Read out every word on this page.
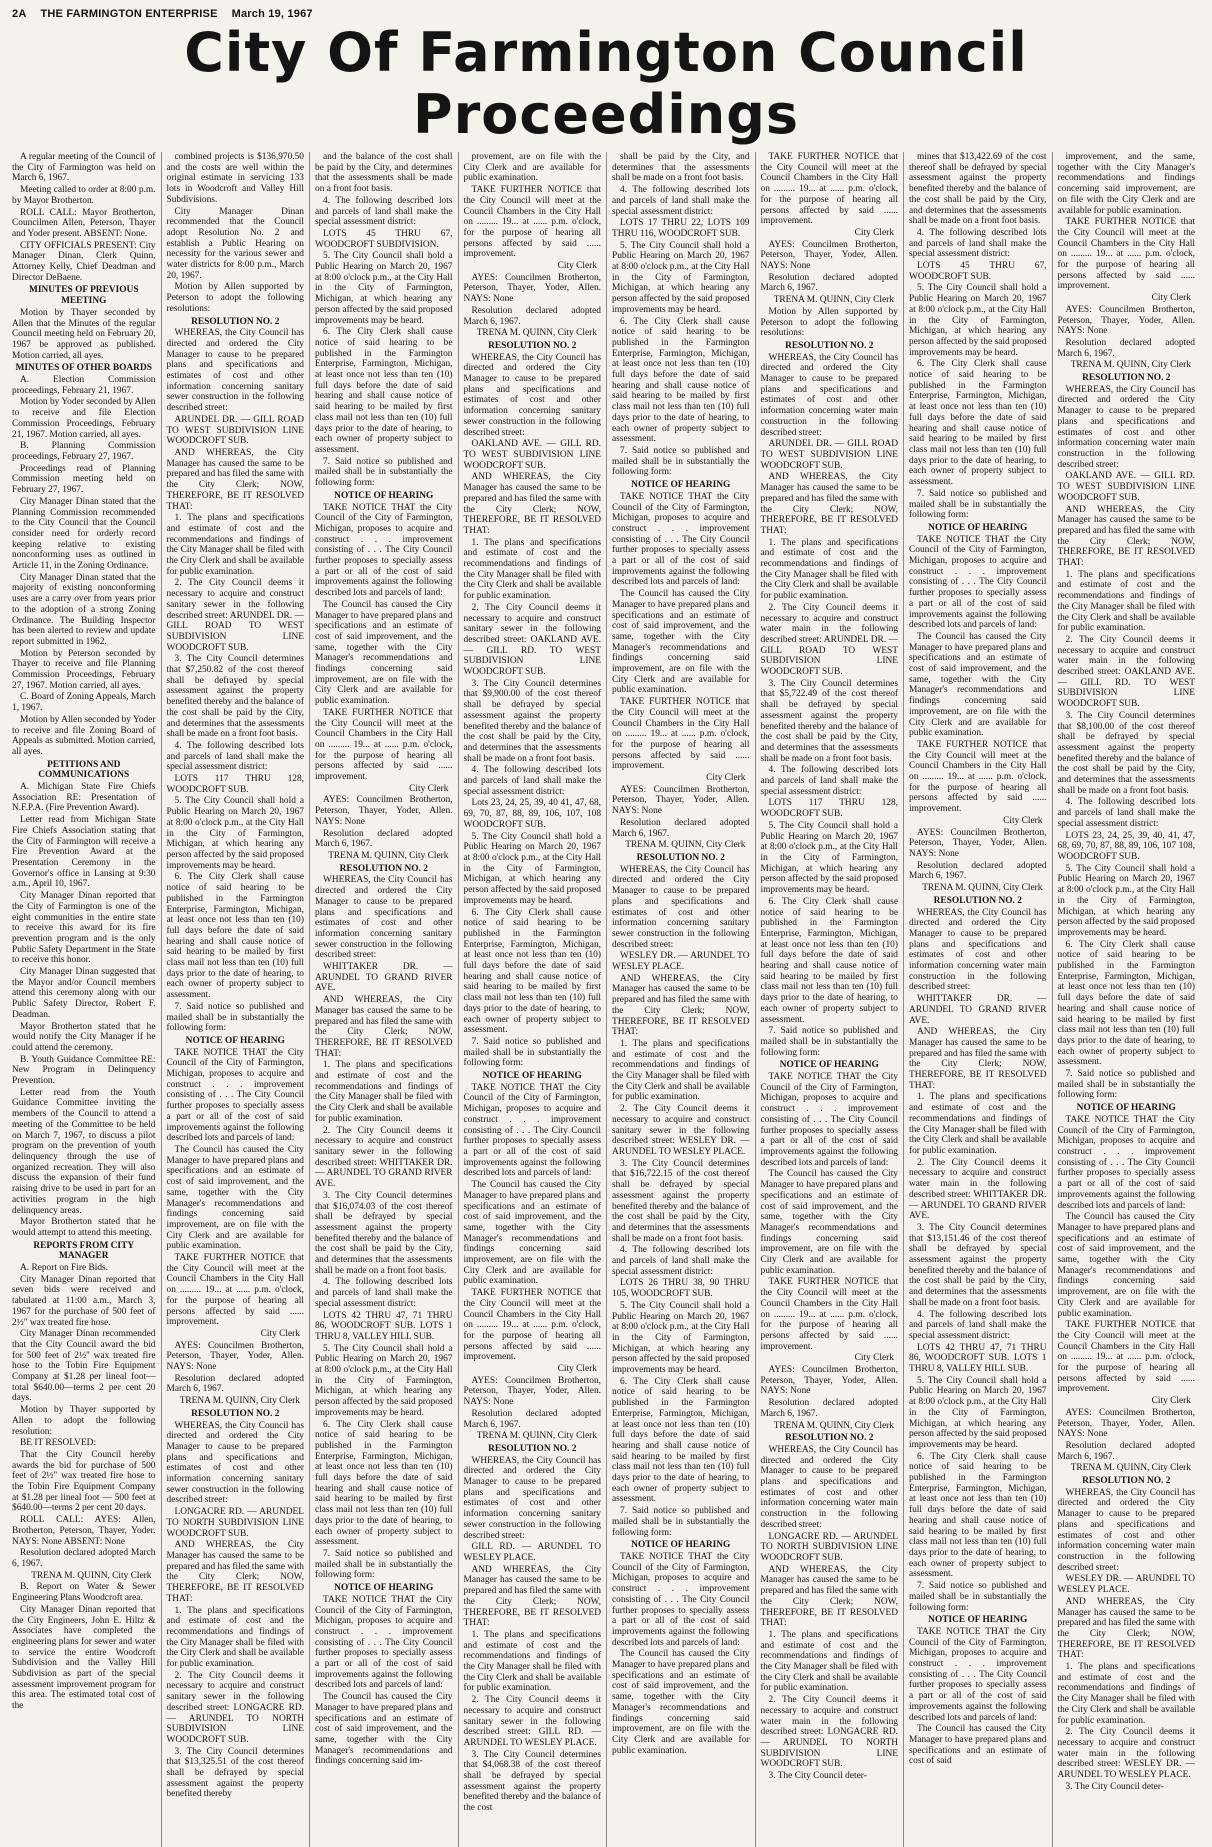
2A THE FARMINGTON ENTERPRISE March 19, 1967
City Of Farmington Council Proceedings

A regular meeting of the Council of the City of Farmington was held on March 6, 1967.

Meeting called to order at 8:00 p.m. by Mayor Brotherton.

ROLL CALL: Mayor Brotherton, Councilmen Allen, Peterson, Thayer and Yoder present. ABSENT: None.

CITY OFFICIALS PRESENT: City Manager Dinan, Clerk Quinn, Attorney Kelly, Chief Deadman and Director DeBaene.

MINUTES OF PREVIOUS MEETING

Motion by Thayer seconded by Allen that the Minutes of the regular Council meeting held on February 20, 1967 be approved as published. Motion carried, all ayes.

MINUTES OF OTHER BOARDS

A. Election Commission proceedings, February 21, 1967.

Motion by Yoder seconded by Allen to receive and file Election Commission Proceedings, February 21, 1967. Motion carried, all ayes.

B. Planning Commission proceedings, February 27, 1967.

Proceedings read of Planning Commission meeting held on February 27, 1967.

City Manager Dinan stated that the Planning Commission recommended to the City Council that the Council consider need for orderly record keeping relative to existing nonconforming uses as outlined in Article 11, in the Zoning Ordinance.

City Manager Dinan stated that the majority of existing nonconforming uses are a carry over from years prior to the adoption of a strong Zoning Ordinance. The Building Inspector has been alerted to review and update report submitted in 1962.

Motion by Peterson seconded by Thayer to receive and file Planning Commission Proceedings, February 27, 1967. Motion carried, all ayes.

C. Board of Zoning Appeals, March 1, 1967.

Motion by Allen seconded by Yoder to receive and file Zoning Board of Appeals as submitted. Motion carried, all ayes.

PETITIONS AND COMMUNICATIONS

A. Michigan State Fire Chiefs Association RE: Presentation of N.F.P.A. (Fire Prevention Award).

Letter read from Michigan State Fire Chiefs Association stating that the City of Farmington will receive a Fire Prevention Award at the Presentation Ceremony in the Governor's office in Lansing at 9:30 a.m., April 10, 1967.

City Manager Dinan reported that the City of Farmington is one of the eight communities in the entire state to receive this award for its fire prevention program and is the only Public Safety Department in the State to receive this honor.

City Manager Dinan suggested that the Mayor and/or Council members attend this ceremony along with our Public Safety Director, Robert F. Deadman.

Mayor Brotherton stated that he would notify the City Manager if he could attend the ceremony.

B. Youth Guidance Committee RE: New Program in Delinquency Prevention.

Letter read from the Youth Guidance Committee inviting the members of the Council to attend a meeting of the Committee to be held on March 7, 1967, to discuss a pilot program on the prevention of youth delinquency through the use of organized recreation. They will also discuss the expansion of their fund raising drive to be used in part for an activities program in the high delinquency areas.

Mayor Brotherton stated that he would attempt to attend this meeting.

REPORTS FROM CITY MANAGER

A. Report on Fire Bids.

City Manager Dinan reported that seven bids were received and tabulated at 11:00 a.m., March 3, 1967 for the purchase of 500 feet of 2½" wax treated fire hose.

City Manager Dinan recommended that the City Council award the bid for 500 feet of 2½" wax treated fire hose to the Tobin Fire Equipment Company at $1.28 per lineal foot—total $640.00—terms 2 per cent 20 days.

Motion by Thayer supported by Allen to adopt the following resolution:

BE IT RESOLVED:

That the City Council hereby awards the bid for purchase of 500 feet of 2½" wax treated fire hose to the Tobin Fire Equipment Company at $1.28 per lineal foot — 500 feet at $640.00—terms 2 per cent 20 days.

ROLL CALL: AYES: Allen, Brotherton, Peterson, Thayer, Yoder. NAYS: None ABSENT: None

Resolution declared adopted March 6, 1967.

TRENA M. QUINN, City Clerk

B. Report on Water & Sewer Engineering Plans Woodcroft area.

City Manager Dinan reported that the City Engineers, John E. Hiltz & Associates have completed the engineering plans for sewer and water to service the entire Woodcroft Subdivision and the Valley Hill Subdivision as part of the special assessment improvement program for this area. The estimated total cost of the

combined projects is $136,970.50 and the costs are well within the original estimate in servicing 133 lots in Woodcroft and Valley Hill Subdivisions.

City Manager Dinan recommended that the Council adopt Resolution No. 2 and establish a Public Hearing on necessity for the various sewer and water districts for 8:00 p.m., March 20, 1967.

Motion by Allen supported by Peterson to adopt the following resolutions:

RESOLUTION NO. 2

WHEREAS, the City Council has directed and ordered the City Manager to cause to be prepared plans and specifications and estimates of cost and other information concerning sanitary sewer construction in the following described street:

ARUNDEL DR. — GILL ROAD TO WEST SUBDIVISION LINE WOODCROFT SUB.

AND WHEREAS, the City Manager has caused the same to be prepared and has filed the same with the City Clerk; NOW, THEREFORE, BE IT RESOLVED THAT:

1. The plans and specifications and estimate of cost and the recommendations and findings of the City Manager shall be filed with the City Clerk and shall be available for public examination.

2. The City Council deems it necessary to acquire and construct sanitary sewer in the following described street: ARUNDEL DR. — GILL ROAD TO WEST SUBDIVISION LINE WOODCROFT SUB.

3. The City Council determines that $7,250.82 of the cost thereof shall be defrayed by special assessment against the property benefited thereby and the balance of the cost shall be paid by the City, and determines that the assessments shall be made on a front foot basis.

4. The following described lots and parcels of land shall make the special assessment district:

LOTS 117 THRU 128, WOODCROFT SUB.

5. The City Council shall hold a Public Hearing on March 20, 1967 at 8:00 o'clock p.m., at the City Hall in the City of Farmington, Michigan, at which hearing any person affected by the said proposed improvements may be heard.

6. The City Clerk shall cause notice of said hearing to be published in the Farmington Enterprise, Farmington, Michigan, at least once not less than ten (10) full days before the date of said hearing and shall cause notice of said hearing to be mailed by first class mail not less than ten (10) full days prior to the date of hearing, to each owner of property subject to assessment.

7. Said notice so published and mailed shall be in substantially the following form:

NOTICE OF HEARING

TAKE NOTICE THAT the City Council of the City of Farmington, Michigan, proposes to acquire and construct . . . improvement consisting of . . . The City Council further proposes to specially assess a part or all of the cost of said improvements against the following described lots and parcels of land:

The Council has caused the City Manager to have prepared plans and specifications and an estimate of cost of said improvement, and the same, together with the City Manager's recommendations and findings concerning said improvement, are on file with the City Clerk and are available for public examination.

TAKE FURTHER NOTICE that the City Council will meet at the Council Chambers in the City Hall on ......... 19... at ...... p.m. o'clock, for the purpose of hearing all persons affected by said ...... improvement.

City Clerk

AYES: Councilmen Brotherton, Peterson, Thayer, Yoder, Allen. NAYS: None

Resolution declared adopted March 6, 1967.

TRENA M. QUINN, City Clerk

RESOLUTION NO. 2

WHEREAS, the City Council has directed and ordered the City Manager to cause to be prepared plans and specifications and estimates of cost and other information concerning sanitary sewer construction in the following described street:

LONGACRE RD. — ARUNDEL TO NORTH SUBDIVISION LINE WOODCROFT SUB.

AND WHEREAS, the City Manager has caused the same to be prepared and has filed the same with the City Clerk; NOW, THEREFORE, BE IT RESOLVED THAT:

1. The plans and specifications and estimate of cost and the recommendations and findings of the City Manager shall be filed with the City Clerk and shall be available for public examination.

2. The City Council deems it necessary to acquire and construct sanitary sewer in the following described street: LONGACRE RD. — ARUNDEL TO NORTH SUBDIVISION LINE WOODCROFT SUB.

3. The City Council determines that $13,325.51 of the cost thereof shall be defrayed by special assessment against the property benefited thereby

and the balance of the cost shall be paid by the City, and determines that the assessments shall be made on a front foot basis.

4. The following described lots and parcels of land shall make the special assessment district:

LOTS 45 THRU 67, WOODCROFT SUBDIVISION.

5. The City Council shall hold a Public Hearing on March 20, 1967 at 8:00 o'clock p.m., at the City Hall in the City of Farmington, Michigan, at which hearing any person affected by the said proposed improvements may be heard.

6. The City Clerk shall cause notice of said hearing to be published in the Farmington Enterprise, Farmington, Michigan, at least once not less than ten (10) full days before the date of said hearing and shall cause notice of said hearing to be mailed by first class mail not less than ten (10) full days prior to the date of hearing, to each owner of property subject to assessment.

7. Said notice so published and mailed shall be in substantially the following form:

NOTICE OF HEARING

TAKE NOTICE THAT the City Council of the City of Farmington, Michigan, proposes to acquire and construct . . . improvement consisting of . . . The City Council further proposes to specially assess a part or all of the cost of said improvements against the following described lots and parcels of land:

The Council has caused the City Manager to have prepared plans and specifications and an estimate of cost of said improvement, and the same, together with the City Manager's recommendations and findings concerning said improvement, are on file with the City Clerk and are available for public examination.

TAKE FURTHER NOTICE that the City Council will meet at the Council Chambers in the City Hall on ......... 19... at ...... p.m. o'clock, for the purpose of hearing all persons affected by said ...... improvement.

City Clerk

AYES: Councilmen Brotherton, Peterson, Thayer, Yoder, Allen. NAYS: None

Resolution declared adopted March 6, 1967.

TRENA M. QUINN, City Clerk

RESOLUTION NO. 2

WHEREAS, the City Council has directed and ordered the City Manager to cause to be prepared plans and specifications and estimates of cost and other information concerning sanitary sewer construction in the following described street:

WHITTAKER DR. — ARUNDEL TO GRAND RIVER AVE.

AND WHEREAS, the City Manager has caused the same to be prepared and has filed the same with the City Clerk; NOW, THEREFORE, BE IT RESOLVED THAT:

1. The plans and specifications and estimate of cost and the recommendations and findings of the City Manager shall be filed with the City Clerk and shall be available for public examination.

2. The City Council deems it necessary to acquire and construct sanitary sewer in the following described street: WHITTAKER DR. — ARUNDEL TO GRAND RIVER AVE.

3. The City Council determines that $16,074.03 of the cost thereof shall be defrayed by special assessment against the property benefited thereby and the balance of the cost shall be paid by the City, and determines that the assessments shall be made on a front foot basis.

4. The following described lots and parcels of land shall make the special assessment district:

LOTS 42 THRU 47, 71 THRU 86, WOODCROFT SUB. LOTS 1 THRU 8, VALLEY HILL SUB.

5. The City Council shall hold a Public Hearing on March 20, 1967 at 8:00 o'clock p.m., at the City Hall in the City of Farmington, Michigan, at which hearing any person affected by the said proposed improvements may be heard.

6. The City Clerk shall cause notice of said hearing to be published in the Farmington Enterprise, Farmington, Michigan, at least once not less than ten (10) full days before the date of said hearing and shall cause notice of said hearing to be mailed by first class mail not less than ten (10) full days prior to the date of hearing, to each owner of property subject to assessment.

7. Said notice so published and mailed shall be in substantially the following form:

NOTICE OF HEARING

TAKE NOTICE THAT the City Council of the City of Farmington, Michigan, proposes to acquire and construct . . . improvement consisting of . . . The City Council further proposes to specially assess a part or all of the cost of said improvements against the following described lots and parcels of land:

The Council has caused the City Manager to have prepared plans and specifications and an estimate of cost of said improvement, and the same, together with the City Manager's recommendations and findings concerning said im-

provement, are on file with the City Clerk and are available for public examination.

TAKE FURTHER NOTICE that the City Council will meet at the Council Chambers in the City Hall on ......... 19... at ...... p.m. o'clock, for the purpose of hearing all persons affected by said ...... improvement.

City Clerk

AYES: Councilmen Brotherton, Peterson, Thayer, Yoder, Allen. NAYS: None

Resolution declared adopted March 6, 1967.

TRENA M. QUINN, City Clerk

RESOLUTION NO. 2

WHEREAS, the City Council has directed and ordered the City Manager to cause to be prepared plans and specifications and estimates of cost and other information concerning sanitary sewer construction in the following described street:

OAKLAND AVE. — GILL RD. TO WEST SUBDIVISION LINE WOODCROFT SUB.

AND WHEREAS, the City Manager has caused the same to be prepared and has filed the same with the City Clerk; NOW, THEREFORE, BE IT RESOLVED THAT:

1. The plans and specifications and estimate of cost and the recommendations and findings of the City Manager shall be filed with the City Clerk and shall be available for public examination.

2. The City Council deems it necessary to acquire and construct sanitary sewer in the following described street: OAKLAND AVE. — GILL RD. TO WEST SUBDIVISION LINE WOODCROFT SUB.

3. The City Council determines that $9,900.00 of the cost thereof shall be defrayed by special assessment against the property benefited thereby and the balance of the cost shall be paid by the City, and determines that the assessments shall be made on a front foot basis.

4. The following described lots and parcels of land shall make the special assessment district:

Lots 23, 24, 25, 39, 40 41, 47, 68, 69, 70, 87, 88, 89, 106, 107, 108 WOODCROFT SUB.

5. The City Council shall hold a Public Hearing on March 20, 1967 at 8:00 o'clock p.m., at the City Hall in the City of Farmington, Michigan, at which hearing any person affected by the said proposed improvements may be heard.

6. The City Clerk shall cause notice of said hearing to be published in the Farmington Enterprise, Farmington, Michigan, at least once not less than ten (10) full days before the date of said hearing and shall cause notice of said hearing to be mailed by first class mail not less than ten (10) full days prior to the date of hearing, to each owner of property subject to assessment.

7. Said notice so published and mailed shall be in substantially the following form:

NOTICE OF HEARING

TAKE NOTICE THAT the City Council of the City of Farmington, Michigan, proposes to acquire and construct . . . improvement consisting of . . . The City Council further proposes to specially assess a part or all of the cost of said improvements against the following described lots and parcels of land:

The Council has caused the City Manager to have prepared plans and specifications and an estimate of cost of said improvement, and the same, together with the City Manager's recommendations and findings concerning said improvement, are on file with the City Clerk and are available for public examination.

TAKE FURTHER NOTICE that the City Council will meet at the Council Chambers in the City Hall on ......... 19... at ...... p.m. o'clock, for the purpose of hearing all persons affected by said ...... improvement.

City Clerk

AYES: Councilmen Brotherton, Peterson, Thayer, Yoder, Allen. NAYS: None

Resolution declared adopted March 6, 1967.

TRENA M. QUINN, City Clerk

RESOLUTION NO. 2

WHEREAS, the City Council has directed and ordered the City Manager to cause to be prepared plans and specifications and estimates of cost and other information concerning sanitary sewer construction in the following described street:

GILL RD. — ARUNDEL TO WESLEY PLACE.

AND WHEREAS, the City Manager has caused the same to be prepared and has filed the same with the City Clerk; NOW, THEREFORE, BE IT RESOLVED THAT:

1. The plans and specifications and estimate of cost and the recommendations and findings of the City Manager shall be filed with the City Clerk and shall be available for public examination.

2. The City Council deems it necessary to acquire and construct sanitary sewer in the following described street: GILL RD. — ARUNDEL TO WESLEY PLACE.

3. The City Council determines that $4,068.38 of the cost thereof shall be defrayed by special assessment against the property benefited thereby and the balance of the cost

shall be paid by the City, and determines that the assessments shall be made on a front foot basis.

4. The following described lots and parcels of land shall make the special assessment district:

LOTS 17 THRU 22, LOTS 109 THRU 116, WOODCROFT SUB.

5. The City Council shall hold a Public Hearing on March 20, 1967 at 8:00 o'clock p.m., at the City Hall in the City of Farmington, Michigan, at which hearing any person affected by the said proposed improvements may be heard.

6. The City Clerk shall cause notice of said hearing to be published in the Farmington Enterprise, Farmington, Michigan, at least once not less than ten (10) full days before the date of said hearing and shall cause notice of said hearing to be mailed by first class mail not less than ten (10) full days prior to the date of hearing, to each owner of property subject to assessment.

7. Said notice so published and mailed shall be in substantially the following form:

NOTICE OF HEARING

TAKE NOTICE THAT the City Council of the City of Farmington, Michigan, proposes to acquire and construct . . . improvement consisting of . . . The City Council further proposes to specially assess a part or all of the cost of said improvements against the following described lots and parcels of land:

The Council has caused the City Manager to have prepared plans and specifications and an estimate of cost of said improvement, and the same, together with the City Manager's recommendations and findings concerning said improvement, are on file with the City Clerk and are available for public examination.

TAKE FURTHER NOTICE that the City Council will meet at the Council Chambers in the City Hall on ......... 19... at ...... p.m. o'clock, for the purpose of hearing all persons affected by said ...... improvement.

City Clerk

AYES: Councilmen Brotherton, Peterson, Thayer, Yoder, Allen. NAYS: None

Resolution declared adopted March 6, 1967.

TRENA M. QUINN, City Clerk

RESOLUTION NO. 2

WHEREAS, the City Council has directed and ordered the City Manager to cause to be prepared plans and specifications and estimates of cost and other information concerning sanitary sewer construction in the following described street:

WESLEY DR. — ARUNDEL TO WESLEY PLACE.

AND WHEREAS, the City Manager has caused the same to be prepared and has filed the same with the City Clerk; NOW, THEREFORE, BE IT RESOLVED THAT:

1. The plans and specifications and estimate of cost and the recommendations and findings of the City Manager shall be filed with the City Clerk and shall be available for public examination.

2. The City Council deems it necessary to acquire and construct sanitary sewer in the following described street: WESLEY DR. — ARUNDEL TO WESLEY PLACE.

3. The City Council determines that $16,722.15 of the cost thereof shall be defrayed by special assessment against the property benefited thereby and the balance of the cost shall be paid by the City, and determines that the assessments shall be made on a front foot basis.

4. The following described lots and parcels of land shall make the special assessment district:

LOTS 26 THRU 38, 90 THRU 105, WOODCROFT SUB.

5. The City Council shall hold a Public Hearing on March 20, 1967 at 8:00 o'clock p.m., at the City Hall in the City of Farmington, Michigan, at which hearing any person affected by the said proposed improvements may be heard.

6. The City Clerk shall cause notice of said hearing to be published in the Farmington Enterprise, Farmington, Michigan, at least once not less than ten (10) full days before the date of said hearing and shall cause notice of said hearing to be mailed by first class mail not less than ten (10) full days prior to the date of hearing, to each owner of property subject to assessment.

7. Said notice so published and mailed shall be in substantially the following form:

NOTICE OF HEARING

TAKE NOTICE THAT the City Council of the City of Farmington, Michigan, proposes to acquire and construct . . . improvement consisting of . . . The City Council further proposes to specially assess a part or all of the cost of said improvements against the following described lots and parcels of land:

The Council has caused the City Manager to have prepared plans and specifications and an estimate of cost of said improvement, and the same, together with the City Manager's recommendations and findings concerning said improvement, are on file with the City Clerk and are available for public examination.

TAKE FURTHER NOTICE that the City Council will meet at the Council Chambers in the City Hall on ......... 19... at ...... p.m. o'clock, for the purpose of hearing all persons affected by said ...... improvement.

City Clerk

AYES: Councilmen Brotherton, Peterson, Thayer, Yoder, Allen. NAYS: None

Resolution declared adopted March 6, 1967.

TRENA M. QUINN, City Clerk

Motion by Allen supported by Peterson to adopt the following resolutions:

RESOLUTION NO. 2

WHEREAS, the City Council has directed and ordered the City Manager to cause to be prepared plans and specifications and estimates of cost and other information concerning water main construction in the following described street:

ARUNDEL DR. — GILL ROAD TO WEST SUBDIVISION LINE WOODCROFT SUB.

AND WHEREAS, the City Manager has caused the same to be prepared and has filed the same with the City Clerk; NOW, THEREFORE, BE IT RESOLVED THAT:

1. The plans and specifications and estimate of cost and the recommendations and findings of the City Manager shall be filed with the City Clerk and shall be available for public examination.

2. The City Council deems it necessary to acquire and construct water main in the following described street: ARUNDEL DR. — GILL ROAD TO WEST SUBDIVISION LINE WOODCROFT SUB.

3. The City Council determines that $5,722.49 of the cost thereof shall be defrayed by special assessment against the property benefited thereby and the balance of the cost shall be paid by the City, and determines that the assessments shall be made on a front foot basis.

4. The following described lots and parcels of land shall make the special assessment district:

LOTS 117 THRU 128, WOODCROFT SUB.

5. The City Council shall hold a Public Hearing on March 20, 1967 at 8:00 o'clock p.m., at the City Hall in the City of Farmington, Michigan, at which hearing any person affected by the said proposed improvements may be heard.

6. The City Clerk shall cause notice of said hearing to be published in the Farmington Enterprise, Farmington, Michigan, at least once not less than ten (10) full days before the date of said hearing and shall cause notice of said hearing to be mailed by first class mail not less than ten (10) full days prior to the date of hearing, to each owner of property subject to assessment.

7. Said notice so published and mailed shall be in substantially the following form:

NOTICE OF HEARING

TAKE NOTICE THAT the City Council of the City of Farmington, Michigan, proposes to acquire and construct . . . improvement consisting of . . . The City Council further proposes to specially assess a part or all of the cost of said improvements against the following described lots and parcels of land:

The Council has caused the City Manager to have prepared plans and specifications and an estimate of cost of said improvement, and the same, together with the City Manager's recommendations and findings concerning said improvement, are on file with the City Clerk and are available for public examination.

TAKE FURTHER NOTICE that the City Council will meet at the Council Chambers in the City Hall on ......... 19... at ...... p.m. o'clock, for the purpose of hearing all persons affected by said ...... improvement.

City Clerk

AYES: Councilmen Brotherton, Peterson, Thayer, Yoder, Allen. NAYS: None

Resolution declared adopted March 6, 1967.

TRENA M. QUINN, City Clerk

RESOLUTION NO. 2

WHEREAS, the City Council has directed and ordered the City Manager to cause to be prepared plans and specifications and estimates of cost and other information concerning water main construction in the following described street:

LONGACRE RD. — ARUNDEL TO NORTH SUBDIVISION LINE WOODCROFT SUB.

AND WHEREAS, the City Manager has caused the same to be prepared and has filed the same with the City Clerk; NOW, THEREFORE, BE IT RESOLVED THAT:

1. The plans and specifications and estimate of cost and the recommendations and findings of the City Manager shall be filed with the City Clerk and shall be available for public examination.

2. The City Council deems it necessary to acquire and construct water main in the following described street: LONGACRE RD. — ARUNDEL TO NORTH SUBDIVISION LINE WOODCROFT SUB.

3. The City Council deter-

mines that $13,422.69 of the cost thereof shall be defrayed by special assessment against the property benefited thereby and the balance of the cost shall be paid by the City, and determines that the assessments shall be made on a front foot basis.

4. The following described lots and parcels of land shall make the special assessment district:

LOTS 45 THRU 67, WOODCROFT SUB.

5. The City Council shall hold a Public Hearing on March 20, 1967 at 8:00 o'clock p.m., at the City Hall in the City of Farmington, Michigan, at which hearing any person affected by the said proposed improvements may be heard.

6. The City Clerk shall cause notice of said hearing to be published in the Farmington Enterprise, Farmington, Michigan, at least once not less than ten (10) full days before the date of said hearing and shall cause notice of said hearing to be mailed by first class mail not less than ten (10) full days prior to the date of hearing, to each owner of property subject to assessment.

7. Said notice so published and mailed shall be in substantially the following form:

NOTICE OF HEARING

TAKE NOTICE THAT the City Council of the City of Farmington, Michigan, proposes to acquire and construct . . . improvement consisting of . . . The City Council further proposes to specially assess a part or all of the cost of said improvements against the following described lots and parcels of land:

The Council has caused the City Manager to have prepared plans and specifications and an estimate of cost of said improvement, and the same, together with the City Manager's recommendations and findings concerning said improvement, are on file with the City Clerk and are available for public examination.

TAKE FURTHER NOTICE that the City Council will meet at the Council Chambers in the City Hall on ......... 19... at ...... p.m. o'clock, for the purpose of hearing all persons affected by said ...... improvement.

City Clerk

AYES: Councilmen Brotherton, Peterson, Thayer, Yoder, Allen. NAYS: None

Resolution declared adopted March 6, 1967.

TRENA M. QUINN, City Clerk

RESOLUTION NO. 2

WHEREAS, the City Council has directed and ordered the City Manager to cause to be prepared plans and specifications and estimates of cost and other information concerning water main construction in the following described street:

WHITTAKER DR. — ARUNDEL TO GRAND RIVER AVE.

AND WHEREAS, the City Manager has caused the same to be prepared and has filed the same with the City Clerk; NOW, THEREFORE, BE IT RESOLVED THAT:

1. The plans and specifications and estimate of cost and the recommendations and findings of the City Manager shall be filed with the City Clerk and shall be available for public examination.

2. The City Council deems it necessary to acquire and construct water main in the following described street: WHITTAKER DR. — ARUNDEL TO GRAND RIVER AVE.

3. The City Council determines that $13,151.46 of the cost thereof shall be defrayed by special assessment against the property benefited thereby and the balance of the cost shall be paid by the City, and determines that the assessments shall be made on a front foot basis.

4. The following described lots and parcels of land shall make the special assessment district:

LOTS 42 THRU 47, 71 THRU 86, WOODCROFT SUB. LOTS 1 THRU 8, VALLEY HILL SUB.

5. The City Council shall hold a Public Hearing on March 20, 1967 at 8:00 o'clock p.m., at the City Hall in the City of Farmington, Michigan, at which hearing any person affected by the said proposed improvements may be heard.

6. The City Clerk shall cause notice of said hearing to be published in the Farmington Enterprise, Farmington, Michigan, at least once not less than ten (10) full days before the date of said hearing and shall cause notice of said hearing to be mailed by first class mail not less than ten (10) full days prior to the date of hearing, to each owner of property subject to assessment.

7. Said notice so published and mailed shall be in substantially the following form:

NOTICE OF HEARING

TAKE NOTICE THAT the City Council of the City of Farmington, Michigan, proposes to acquire and construct . . . improvement consisting of . . . The City Council further proposes to specially assess a part or all of the cost of said improvements against the following described lots and parcels of land:

The Council has caused the City Manager to have prepared plans and specifications and an estimate of cost of said

improvement, and the same, together with the City Manager's recommendations and findings concerning said improvement, are on file with the City Clerk and are available for public examination.

TAKE FURTHER NOTICE that the City Council will meet at the Council Chambers in the City Hall on ......... 19... at ...... p.m. o'clock, for the purpose of hearing all persons affected by said ...... improvement.

City Clerk

AYES: Councilmen Brotherton, Peterson, Thayer, Yoder, Allen. NAYS: None

Resolution declared adopted March 6, 1967.

TRENA M. QUINN, City Clerk

RESOLUTION NO. 2

WHEREAS, the City Council has directed and ordered the City Manager to cause to be prepared plans and specifications and estimates of cost and other information concerning water main construction in the following described street:

OAKLAND AVE. — GILL RD. TO WEST SUBDIVISION LINE WOODCROFT SUB.

AND WHEREAS, the City Manager has caused the same to be prepared and has filed the same with the City Clerk; NOW, THEREFORE, BE IT RESOLVED THAT:

1. The plans and specifications and estimate of cost and the recommendations and findings of the City Manager shall be filed with the City Clerk and shall be available for public examination.

2. The City Council deems it necessary to acquire and construct water main in the following described street: OAKLAND AVE. — GILL RD. TO WEST SUBDIVISION LINE WOODCROFT SUB.

3. The City Council determines that $8,100.00 of the cost thereof shall be defrayed by special assessment against the property benefited thereby and the balance of the cost shall be paid by the City, and determines that the assessments shall be made on a front foot basis.

4. The following described lots and parcels of land shall make the special assessment district:

LOTS 23, 24, 25, 39, 40, 41, 47, 68, 69, 70, 87, 88, 89, 106, 107 108, WOODCROFT SUB.

5. The City Council shall hold a Public Hearing on March 20, 1967 at 8:00 o'clock p.m., at the City Hall in the City of Farmington, Michigan, at which hearing any person affected by the said proposed improvements may be heard.

6. The City Clerk shall cause notice of said hearing to be published in the Farmington Enterprise, Farmington, Michigan, at least once not less than ten (10) full days before the date of said hearing and shall cause notice of said hearing to be mailed by first class mail not less than ten (10) full days prior to the date of hearing, to each owner of property subject to assessment.

7. Said notice so published and mailed shall be in substantially the following form:

NOTICE OF HEARING

TAKE NOTICE THAT the City Council of the City of Farmington, Michigan, proposes to acquire and construct . . . improvement consisting of . . . The City Council further proposes to specially assess a part or all of the cost of said improvements against the following described lots and parcels of land:

The Council has caused the City Manager to have prepared plans and specifications and an estimate of cost of said improvement, and the same, together with the City Manager's recommendations and findings concerning said improvement, are on file with the City Clerk and are available for public examination.

TAKE FURTHER NOTICE that the City Council will meet at the Council Chambers in the City Hall on ......... 19... at ...... p.m. o'clock, for the purpose of hearing all persons affected by said ...... improvement.

City Clerk

AYES: Councilmen Brotherton, Peterson, Thayer, Yoder, Allen. NAYS: None

Resolution declared adopted March 6, 1967.

TRENA M. QUINN, City Clerk

RESOLUTION NO. 2

WHEREAS, the City Council has directed and ordered the City Manager to cause to be prepared plans and specifications and estimates of cost and other information concerning water main construction in the following described street:

WESLEY DR. — ARUNDEL TO WESLEY PLACE.

AND WHEREAS, the City Manager has caused the same to be prepared and has filed the same with the City Clerk; NOW, THEREFORE, BE IT RESOLVED THAT:

1. The plans and specifications and estimate of cost and the recommendations and findings of the City Manager shall be filed with the City Clerk and shall be available for public examination.

2. The City Council deems it necessary to acquire and construct water main in the following described street: WESLEY DR. — ARUNDEL TO WESLEY PLACE.

3. The City Council deter-
